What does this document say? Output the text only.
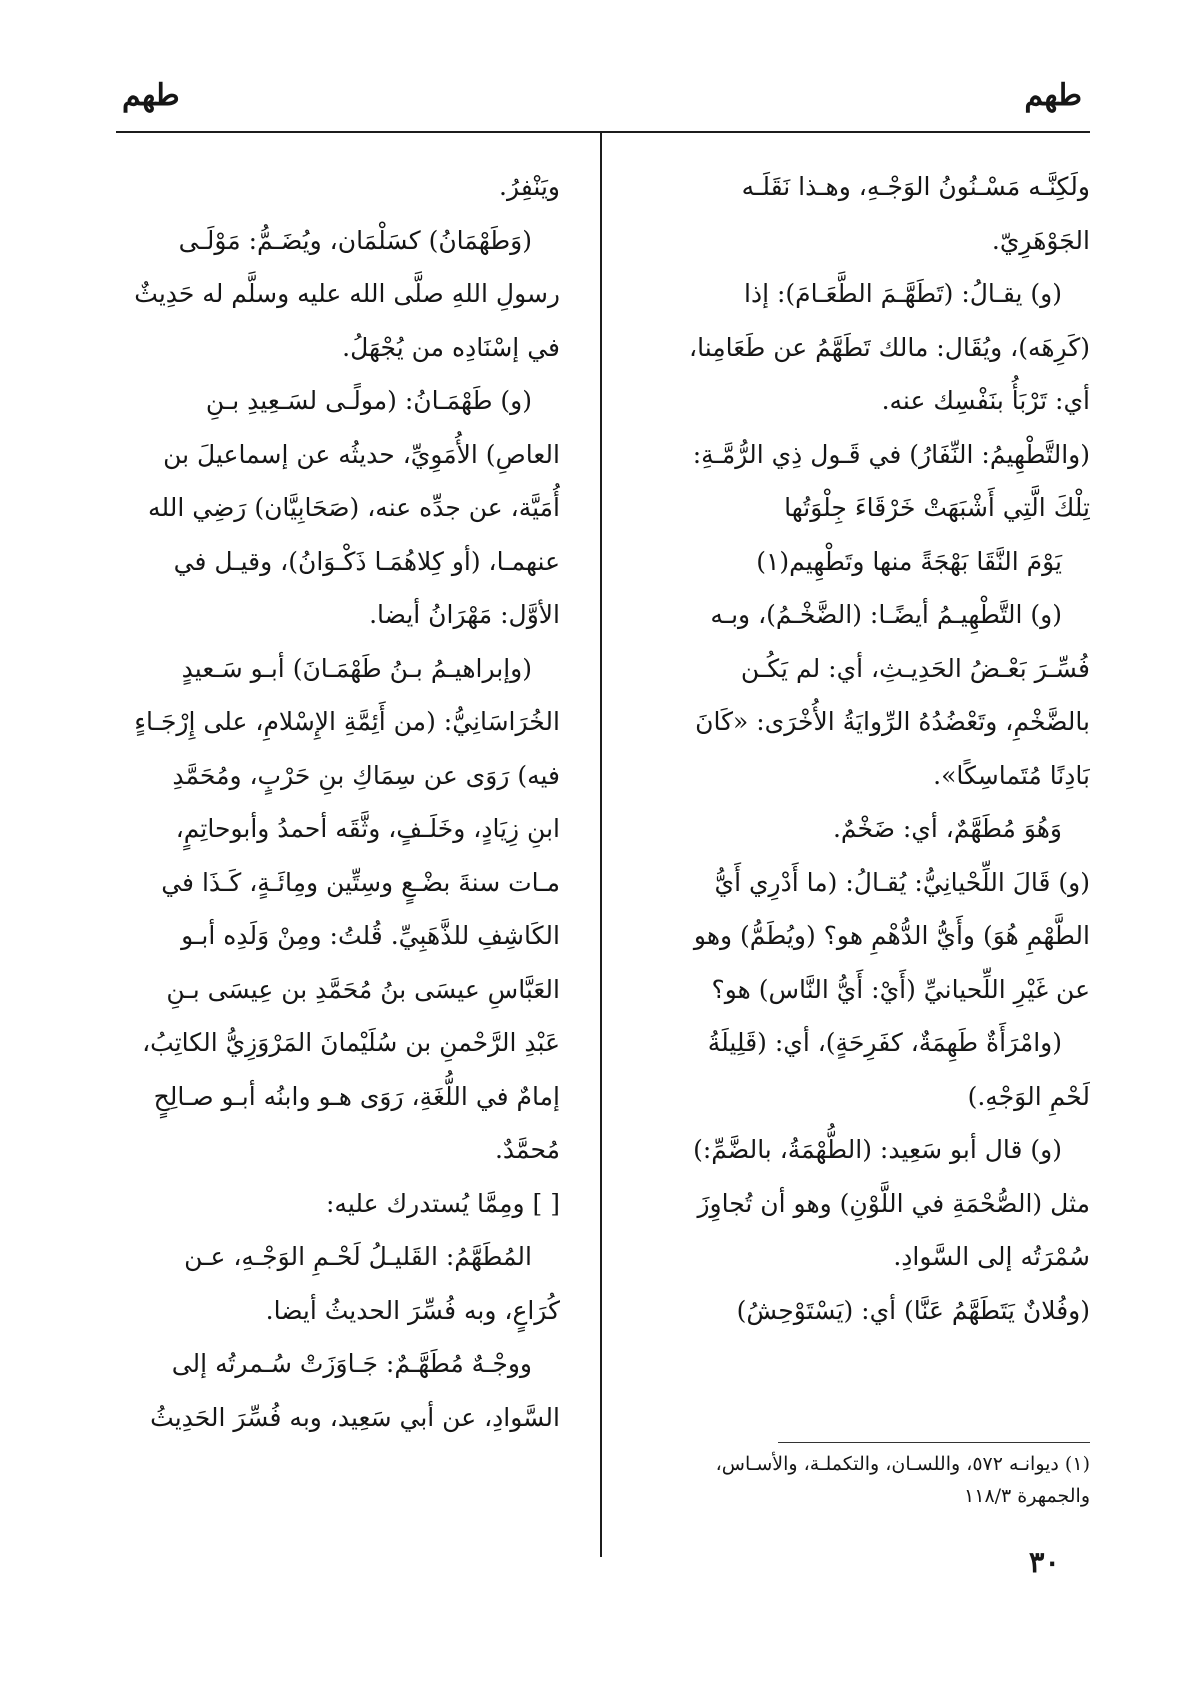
طهم
طهم
ولَكِنَّـه مَسْـنُونُ الوَجْـهِ، وهـذا نَقَلَـه
الجَوْهَرِيّ.
(و) يقـالُ: (تَطَهَّـمَ الطَّعَـامَ): إذا
(كَرِهَه)، ويُقَال: مالك تَطَهَّمُ عن طَعَامِنا،
أي: تَرْبَأُ بنَفْسِك عنه.
(والتَّطْهِيمُ: النِّفَارُ) في قَـول ذِي الرُّمَّـةِ:
تِلْكَ الَّتِي أَشْبَهَتْ خَرْقَاءَ جِلْوَتُها
يَوْمَ النَّقَا بَهْجَةً منها وتَطْهِيم(١)
(و) التَّطْهِيـمُ أيضًـا: (الضَّخْـمُ)، وبـه
فُسِّـرَ بَعْـضُ الحَدِيـثِ، أي: لم يَكُـن
بالضَّخْمِ، وتَعْضُدُهُ الرِّوايَةُ الأُخْرَى: «كَانَ
بَادِنًا مُتَماسِكًا».
وَهُوَ مُطَهَّمٌ، أي: ضَخْمٌ.
(و) قَالَ اللِّحْيانِيُّ: يُقـالُ: (ما أَدْرِي أَيُّ
الطَّهْمِ هُوَ) وأَيُّ الدُّهْمِ هو؟ (ويُطَمُّ) وهو
عن غَيْرِ اللِّحيانيِّ (أَيْ: أَيُّ النَّاس) هو؟
(وامْرَأَةٌ طَهِمَةٌ، كفَرِحَةٍ)، أي: (قَلِيلَةُ
لَحْمِ الوَجْهِ.)
(و) قال أبو سَعِيد: (الطُّهْمَةُ، بالضَّمِّ:)
مثل (الصُّحْمَةِ في اللَّوْنِ) وهو أن تُجاوِزَ
سُمْرَتُه إلى السَّوادِ.
(وفُلانٌ يَتَطَهَّمُ عَنَّا) أي: (يَسْتَوْحِشُ)
ويَنْفِرُ.
(وَطَهْمَانُ) كسَلْمَان، ويُضَـمُّ: مَوْلَـى
رسولِ اللهِ صلَّى الله عليه وسلَّم له حَدِيثٌ
في إسْنَادِه من يُجْهَلُ.
(و) طَهْمَـانُ: (مولًـى لسَـعِيدِ بـنِ
العاصِ) الأُمَوِيِّ، حديثُه عن إسماعيلَ بن
أُمَيَّة، عن جدِّه عنه، (صَحَابِيَّان) رَضِي الله
عنهمـا، (أو كِلاهُمَـا ذَكْـوَانُ)، وقيـل في
الأوَّل: مَهْرَانُ أيضا.
(وإبراهيـمُ بـنُ طَهْمَـانَ) أبـو سَـعيدٍ
الخُرَاسَانِيُّ: (من أَئِمَّةِ الإِسْلامِ، على إِرْجَـاءٍ
فيه) رَوَى عن سِمَاكِ بنِ حَرْبٍ، ومُحَمَّدِ
ابنِ زِيَادٍ، وخَلَـفٍ، وثَّقَه أحمدُ وأبوحاتِمٍ،
مـات سنةَ بضْـعٍ وسِتِّين ومِائَـةٍ، كَـذَا في
الكَاشِفِ للذَّهَبِيِّ. قُلتُ: ومِنْ وَلَدِه أبـو
العَبَّاسِ عيسَى بنُ مُحَمَّدِ بن عِيسَى بـنِ
عَبْدِ الرَّحْمنِ بن سُلَيْمانَ المَرْوَزِيُّ الكاتِبُ،
إمامٌ في اللُّغَةِ، رَوَى هـو وابنُه أبـو صـالِحٍ
مُحمَّدٌ.
[ ] ومِمَّا يُستدرك عليه:
المُطَهَّمُ: القَليـلُ لَحْـمِ الوَجْـهِ، عـن
كُرَاعٍ، وبه فُسِّرَ الحديثُ أيضا.
ووجْـهٌ مُطَهَّـمٌ: جَـاوَزَتْ سُـمرتُه إلى
السَّوادِ، عن أبي سَعِيد، وبه فُسِّرَ الحَدِيثُ
(١) ديوانـه ٥٧٢، واللسـان، والتكملـة، والأسـاس،
والجمهرة ١١٨/٣
٣٠
